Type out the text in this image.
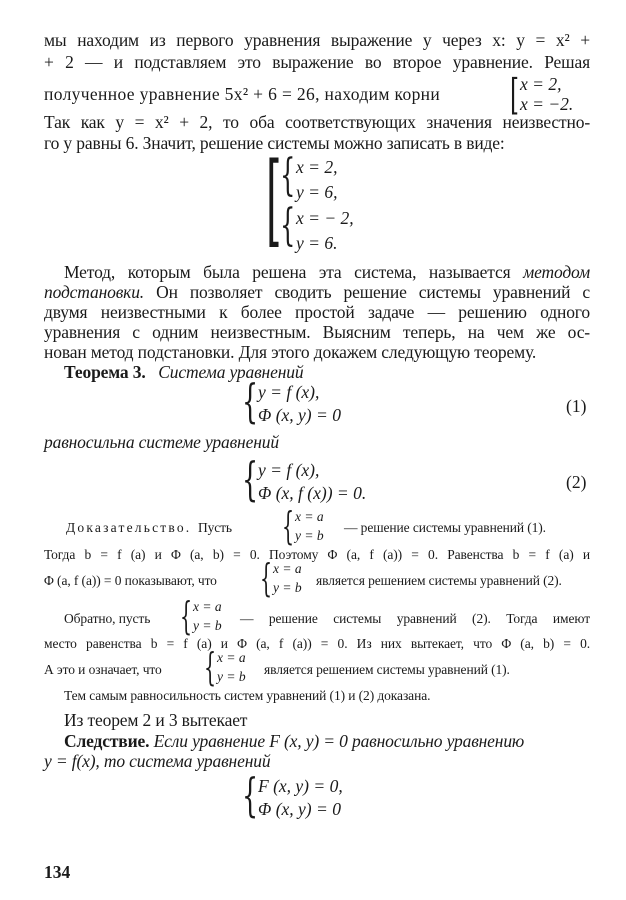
мы находим из первого уравнения выражение y через x: y = x² +
+ 2 — и подставляем это выражение во второе уравнение. Решая
полученное уравнение 5x² + 6 = 26, находим корни	[ x = 2,
x = −2.
Так как y = x² + 2, то оба соответствующих значения неизвестно-
го y равны 6. Значит, решение системы можно записать в виде:
[
{ x = 2,
y = 6,
{ x = − 2,
y = 6.
Метод, которым была решена эта система, называется методом
подстановки. Он позволяет сводить решение системы уравнений с
двумя неизвестными к более простой задаче — решению одного
уравнения с одним неизвестным. Выясним теперь, на чем же ос-
нован метод подстановки. Для этого докажем следующую теорему.
Теорема 3. Система уравнений
{ y = f (x),
Φ (x, y) = 0	(1)
равносильна системе уравнений
{ y = f (x),
Φ (x, f (x)) = 0.
(2)
Доказательство. Пусть { x = a
y = b
— решение системы уравнений (1).
Тогда b = f (a) и Φ (a, b) = 0. Поэтому Φ (a, f (a)) = 0. Равенства b = f (a) и
Φ (a, f (a)) = 0 показывают, что { x = a
y = b является решением системы уравнений (2).
Обратно, пусть { x = a
y = b — решение системы уравнений (2). Тогда имеют
место равенства b = f (a) и Φ (a, f (a)) = 0. Из них вытекает, что Φ (a, b) = 0.
А это и означает, что { x = a
y = b является решением системы уравнений (1).
Тем самым равносильность систем уравнений (1) и (2) доказана.
Из теорем 2 и 3 вытекает
Следствие. Если уравнение F (x, y) = 0 равносильно уравнению
y = f(x), то система уравнений
{ F (x, y) = 0,
Φ (x, y) = 0
134
